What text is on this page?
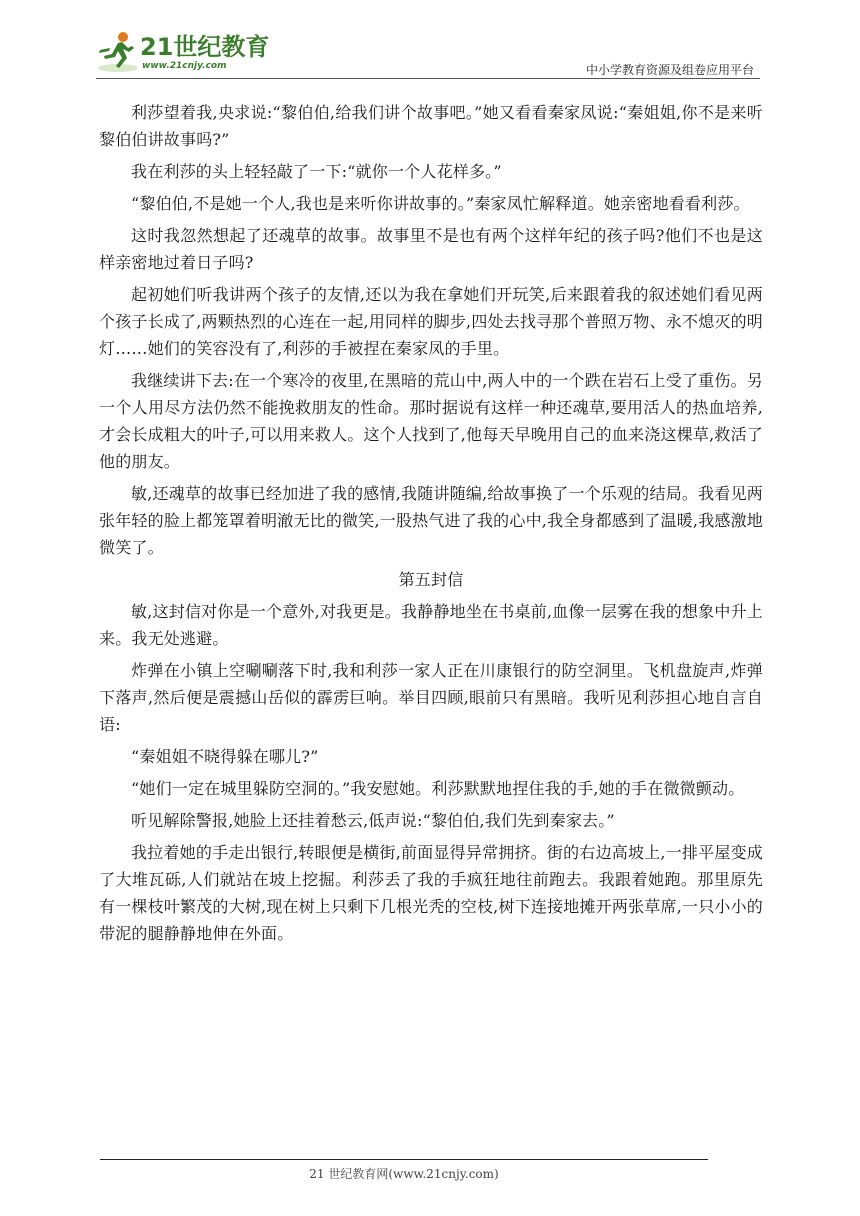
21世纪教育
www.21cnjy.com	中小学教育资源及组卷应用平台

利莎望着我,央求说:“黎伯伯,给我们讲个故事吧。”她又看看秦家凤说:“秦姐姐,你不是来听黎伯伯讲故事吗?”

我在利莎的头上轻轻敲了一下:“就你一个人花样多。”

“黎伯伯,不是她一个人,我也是来听你讲故事的。”秦家凤忙解释道。她亲密地看看利莎。

这时我忽然想起了还魂草的故事。故事里不是也有两个这样年纪的孩子吗?他们不也是这样亲密地过着日子吗?

起初她们听我讲两个孩子的友情,还以为我在拿她们开玩笑,后来跟着我的叙述她们看见两个孩子长成了,两颗热烈的心连在一起,用同样的脚步,四处去找寻那个普照万物、永不熄灭的明灯……她们的笑容没有了,利莎的手被捏在秦家凤的手里。

我继续讲下去:在一个寒冷的夜里,在黑暗的荒山中,两人中的一个跌在岩石上受了重伤。另一个人用尽方法仍然不能挽救朋友的性命。那时据说有这样一种还魂草,要用活人的热血培养,才会长成粗大的叶子,可以用来救人。这个人找到了,他每天早晚用自己的血来浇这棵草,救活了他的朋友。

敏,还魂草的故事已经加进了我的感情,我随讲随编,给故事换了一个乐观的结局。我看见两张年轻的脸上都笼罩着明澈无比的微笑,一股热气进了我的心中,我全身都感到了温暖,我感激地微笑了。

第五封信

敏,这封信对你是一个意外,对我更是。我静静地坐在书桌前,血像一层雾在我的想象中升上来。我无处逃避。

炸弹在小镇上空唰唰落下时,我和利莎一家人正在川康银行的防空洞里。飞机盘旋声,炸弹下落声,然后便是震撼山岳似的霹雳巨响。举目四顾,眼前只有黑暗。我听见利莎担心地自言自语:

“秦姐姐不晓得躲在哪儿?”

“她们一定在城里躲防空洞的。”我安慰她。利莎默默地捏住我的手,她的手在微微颤动。

听见解除警报,她脸上还挂着愁云,低声说:“黎伯伯,我们先到秦家去。”

我拉着她的手走出银行,转眼便是横街,前面显得异常拥挤。街的右边高坡上,一排平屋变成了大堆瓦砾,人们就站在坡上挖掘。利莎丢了我的手疯狂地往前跑去。我跟着她跑。那里原先有一棵枝叶繁茂的大树,现在树上只剩下几根光秃的空枝,树下连接地摊开两张草席,一只小小的带泥的腿静静地伸在外面。

21 世纪教育网(www.21cnjy.com)
